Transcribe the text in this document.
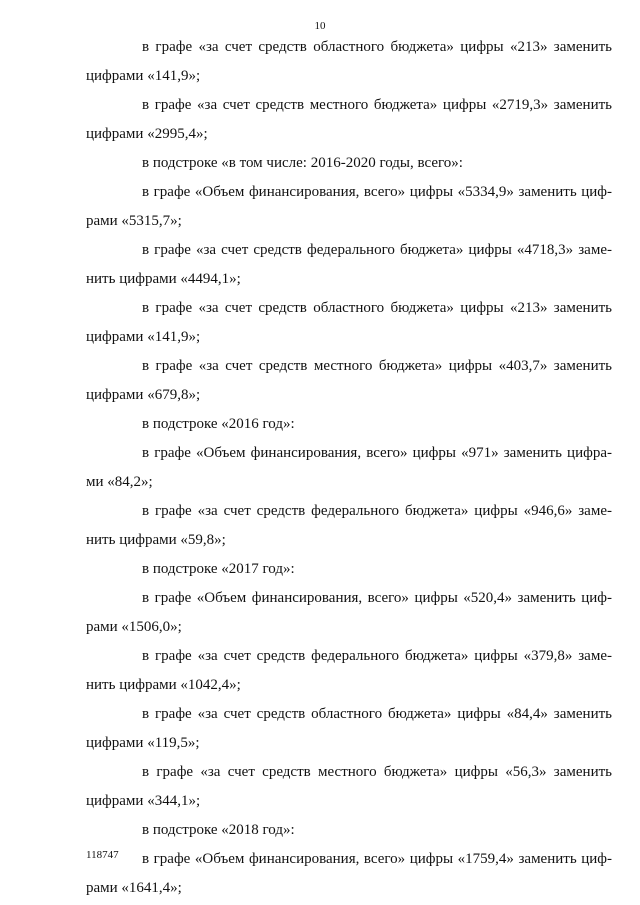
10
в графе «за счет средств областного бюджета» цифры «213» заменить
цифрами «141,9»;
в графе «за счет средств местного бюджета» цифры «2719,3» заменить
цифрами «2995,4»;
в подстроке «в том числе: 2016-2020 годы, всего»:
в графе «Объем финансирования, всего» цифры «5334,9» заменить циф-
рами «5315,7»;
в графе «за счет средств федерального бюджета» цифры «4718,3» заме-
нить цифрами «4494,1»;
в графе «за счет средств областного бюджета» цифры «213» заменить
цифрами «141,9»;
в графе «за счет средств местного бюджета» цифры «403,7» заменить
цифрами «679,8»;
в подстроке «2016 год»:
в графе «Объем финансирования, всего» цифры «971» заменить цифра-
ми «84,2»;
в графе «за счет средств федерального бюджета» цифры «946,6» заме-
нить цифрами «59,8»;
в подстроке «2017 год»:
в графе «Объем финансирования, всего» цифры «520,4» заменить циф-
рами «1506,0»;
в графе «за счет средств федерального бюджета» цифры «379,8» заме-
нить цифрами «1042,4»;
в графе «за счет средств областного бюджета» цифры «84,4» заменить
цифрами «119,5»;
в графе «за счет средств местного бюджета» цифры «56,3» заменить
цифрами «344,1»;
в подстроке «2018 год»:
в графе «Объем финансирования, всего» цифры «1759,4» заменить циф-
рами «1641,4»;
118747
